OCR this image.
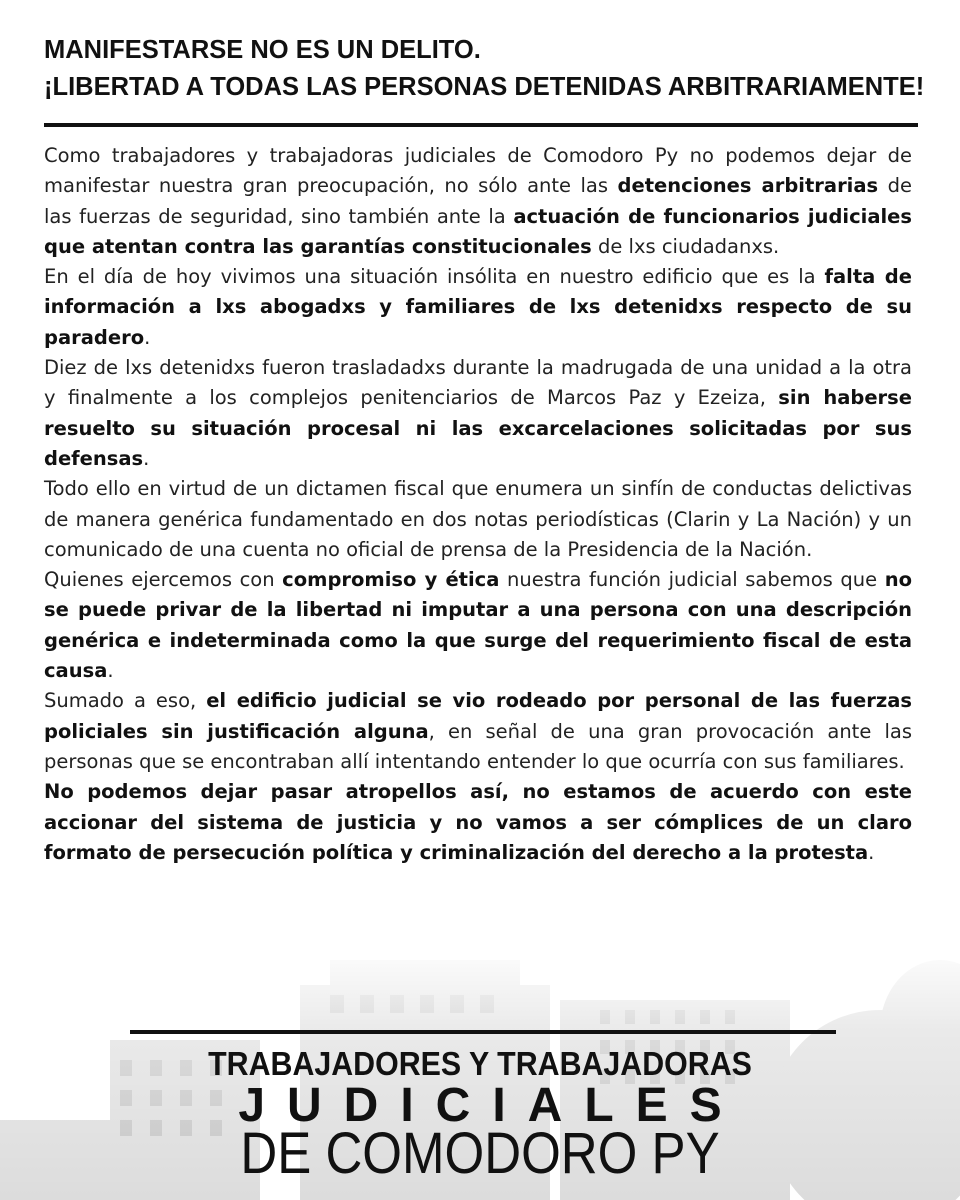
MANIFESTARSE NO ES UN DELITO.
¡LIBERTAD A TODAS LAS PERSONAS DETENIDAS ARBITRARIAMENTE!

Como trabajadores y trabajadoras judiciales de Comodoro Py no podemos dejar de manifestar nuestra gran preocupación, no sólo ante las detenciones arbitrarias de las fuerzas de seguridad, sino también ante la actuación de funcionarios judiciales que atentan contra las garantías constitucionales de lxs ciudadanxs.

En el día de hoy vivimos una situación insólita en nuestro edificio que es la falta de información a lxs abogadxs y familiares de lxs detenidxs respecto de su paradero.

Diez de lxs detenidxs fueron trasladadxs durante la madrugada de una unidad a la otra y finalmente a los complejos penitenciarios de Marcos Paz y Ezeiza, sin haberse resuelto su situación procesal ni las excarcelaciones solicitadas por sus defensas.

Todo ello en virtud de un dictamen fiscal que enumera un sinfín de conductas delictivas de manera genérica fundamentado en dos notas periodísticas (Clarin y La Nación) y un comunicado de una cuenta no oficial de prensa de la Presidencia de la Nación.

Quienes ejercemos con compromiso y ética nuestra función judicial sabemos que no se puede privar de la libertad ni imputar a una persona con una descripción genérica e indeterminada como la que surge del requerimiento fiscal de esta causa.

Sumado a eso, el edificio judicial se vio rodeado por personal de las fuerzas policiales sin justificación alguna, en señal de una gran provocación ante las personas que se encontraban allí intentando entender lo que ocurría con sus familiares.

No podemos dejar pasar atropellos así, no estamos de acuerdo con este accionar del sistema de justicia y no vamos a ser cómplices de un claro formato de persecución política y criminalización del derecho a la protesta.

TRABAJADORES Y TRABAJADORAS
JUDICIALES
DE COMODORO PY
